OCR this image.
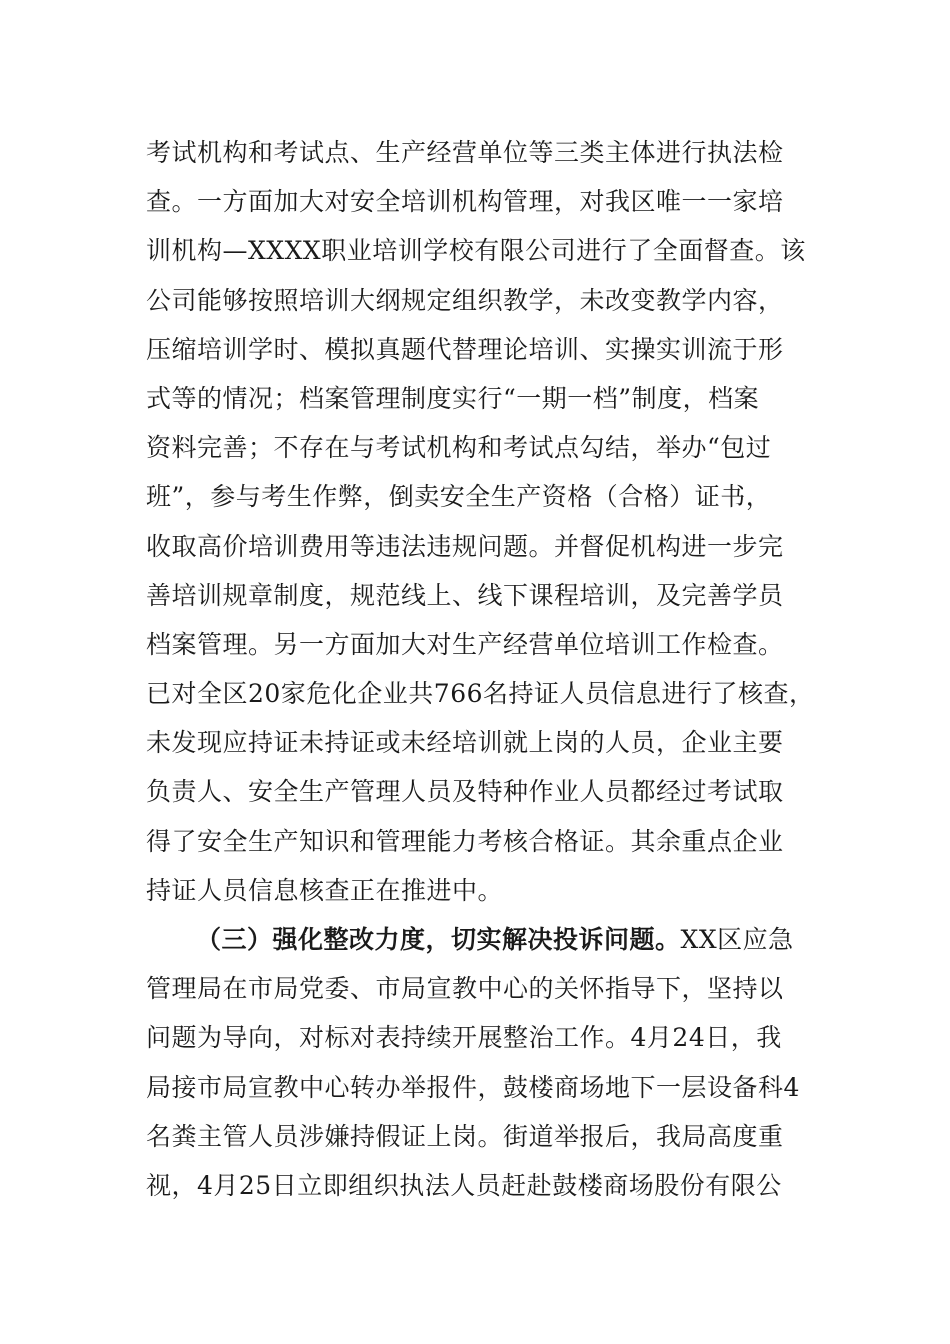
考试机构和考试点、生产经营单位等三类主体进行执法检
查。一方面加大对安全培训机构管理，对我区唯一一家培
训机构—XXXX职业培训学校有限公司进行了全面督查。该
公司能够按照培训大纲规定组织教学，未改变教学内容，
压缩培训学时、模拟真题代替理论培训、实操实训流于形
式等的情况；档案管理制度实行“一期一档”制度，档案
资料完善；不存在与考试机构和考试点勾结，举办“包过
班”，参与考生作弊，倒卖安全生产资格（合格）证书，
收取高价培训费用等违法违规问题。并督促机构进一步完
善培训规章制度，规范线上、线下课程培训，及完善学员
档案管理。另一方面加大对生产经营单位培训工作检查。
已对全区20家危化企业共766名持证人员信息进行了核查，
未发现应持证未持证或未经培训就上岗的人员，企业主要
负责人、安全生产管理人员及特种作业人员都经过考试取
得了安全生产知识和管理能力考核合格证。其余重点企业
持证人员信息核查正在推进中。
（三）强化整改力度，切实解决投诉问题。XX区应急
管理局在市局党委、市局宣教中心的关怀指导下，坚持以
问题为导向，对标对表持续开展整治工作。4月24日，我
局接市局宣教中心转办举报件，鼓楼商场地下一层设备科4
名粪主管人员涉嫌持假证上岗。街道举报后，我局高度重
视，4月25日立即组织执法人员赶赴鼓楼商场股份有限公
